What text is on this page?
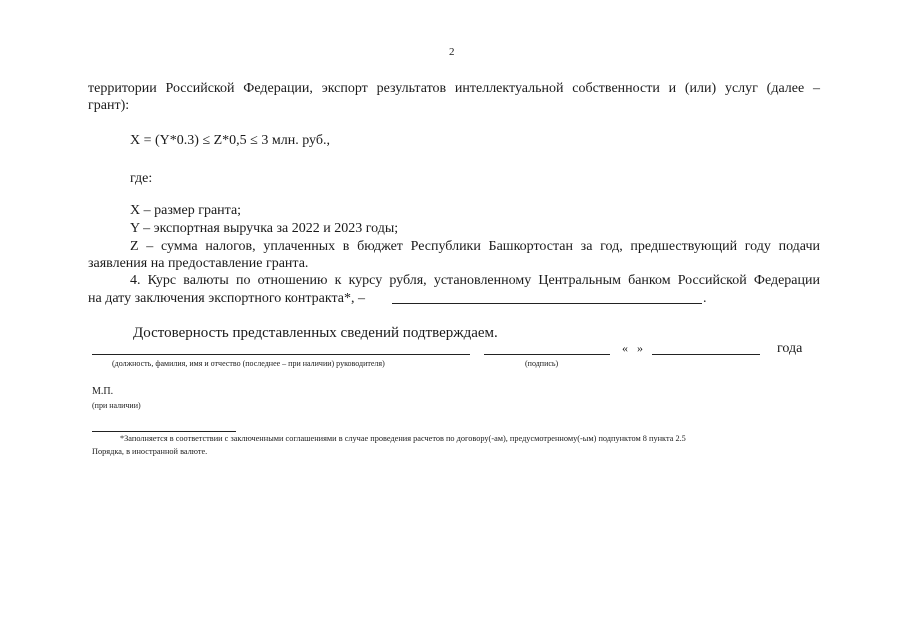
2
территории Российской Федерации, экспорт результатов интеллектуальной собственности и (или) услуг (далее –
грант):
X = (Y*0.3) ≤ Z*0,5 ≤ 3 млн. руб.,
где:
X – размер гранта;
Y – экспортная выручка за 2022 и 2023 годы;
Z – сумма налогов, уплаченных в бюджет Республики Башкортостан за год, предшествующий году подачи
заявления на предоставление гранта.
4. Курс валюты по отношению к курсу рубля, установленному Центральным банком Российской Федерации
на дату заключения экспортного контракта*, –	.
Достоверность представленных сведений подтверждаем.
«   »	года
(должность, фамилия, имя и отчество (последнее – при наличии) руководителя)	(подпись)
М.П.
(при наличии)
*Заполняется в соответствии с заключенными соглашениями в случае проведения расчетов по договору(-ам), предусмотренному(-ым) подпунктом 8 пункта 2.5
Порядка, в иностранной валюте.
